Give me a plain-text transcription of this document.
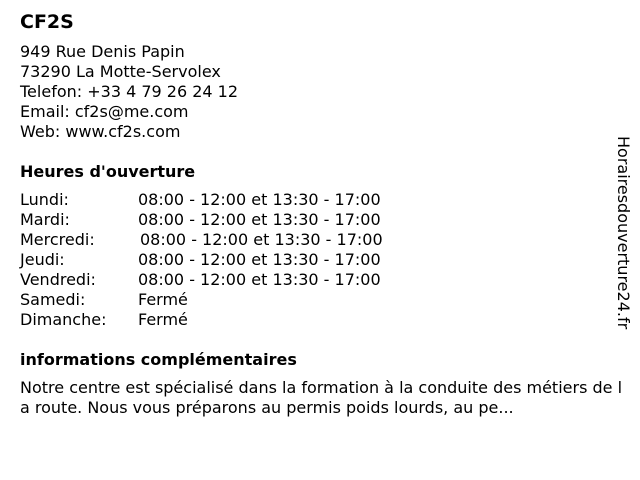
CF2S
949 Rue Denis Papin
73290 La Motte-Servolex
Telefon: +33 4 79 26 24 12
Email: cf2s@me.com
Web: www.cf2s.com
Heures d'ouverture
Lundi:	08:00 - 12:00 et 13:30 - 17:00
Mardi:	08:00 - 12:00 et 13:30 - 17:00
Mercredi:	08:00 - 12:00 et 13:30 - 17:00
Jeudi:	08:00 - 12:00 et 13:30 - 17:00
Vendredi:	08:00 - 12:00 et 13:30 - 17:00
Samedi:	Fermé
Dimanche: Fermé
informations complémentaires
Notre centre est spécialisé dans la formation à la conduite des métiers de la route. Nous vous préparons au permis poids lourds, au pe...
Horairesdouverture24.fr
